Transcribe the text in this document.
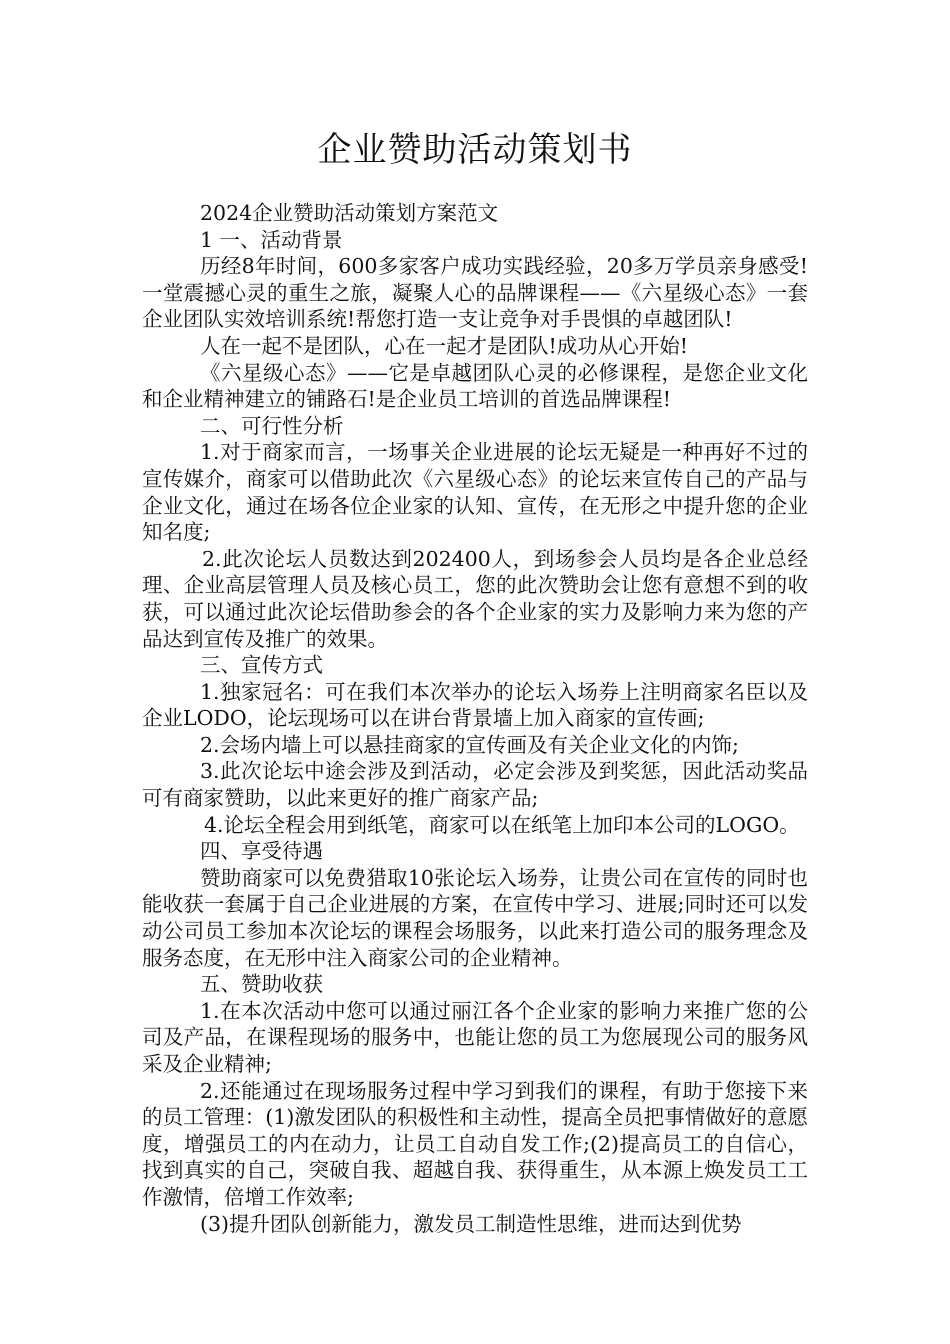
企业赞助活动策划书

2024企业赞助活动策划方案范文

1 一、活动背景

历经8年时间，600多家客户成功实践经验，20多万学员亲身感受!一堂震撼心灵的重生之旅，凝聚人心的品牌课程——《六星级心态》一套企业团队实效培训系统!帮您打造一支让竞争对手畏惧的卓越团队!

人在一起不是团队，心在一起才是团队!成功从心开始!

《六星级心态》——它是卓越团队心灵的必修课程，是您企业文化和企业精神建立的铺路石!是企业员工培训的首选品牌课程!

二、可行性分析

1.对于商家而言，一场事关企业进展的论坛无疑是一种再好不过的宣传媒介，商家可以借助此次《六星级心态》的论坛来宣传自己的产品与企业文化，通过在场各位企业家的认知、宣传，在无形之中提升您的企业知名度;

2.此次论坛人员数达到202400人，到场参会人员均是各企业总经理、企业高层管理人员及核心员工，您的此次赞助会让您有意想不到的收获，可以通过此次论坛借助参会的各个企业家的实力及影响力来为您的产品达到宣传及推广的效果。

三、宣传方式

1.独家冠名：可在我们本次举办的论坛入场券上注明商家名臣以及企业LODO，论坛现场可以在讲台背景墙上加入商家的宣传画;

2.会场内墙上可以悬挂商家的宣传画及有关企业文化的内饰;

3.此次论坛中途会涉及到活动，必定会涉及到奖惩，因此活动奖品可有商家赞助，以此来更好的推广商家产品;

4.论坛全程会用到纸笔，商家可以在纸笔上加印本公司的LOGO。

四、享受待遇

赞助商家可以免费猎取10张论坛入场券，让贵公司在宣传的同时也能收获一套属于自己企业进展的方案，在宣传中学习、进展;同时还可以发动公司员工参加本次论坛的课程会场服务，以此来打造公司的服务理念及服务态度，在无形中注入商家公司的企业精神。

五、赞助收获

1.在本次活动中您可以通过丽江各个企业家的影响力来推广您的公司及产品，在课程现场的服务中，也能让您的员工为您展现公司的服务风采及企业精神;

2.还能通过在现场服务过程中学习到我们的课程，有助于您接下来的员工管理：(1)激发团队的积极性和主动性，提高全员把事情做好的意愿度，增强员工的内在动力，让员工自动自发工作;(2)提高员工的自信心，找到真实的自己，突破自我、超越自我、获得重生，从本源上焕发员工工作激情，倍增工作效率;

(3)提升团队创新能力，激发员工制造性思维，进而达到优势
